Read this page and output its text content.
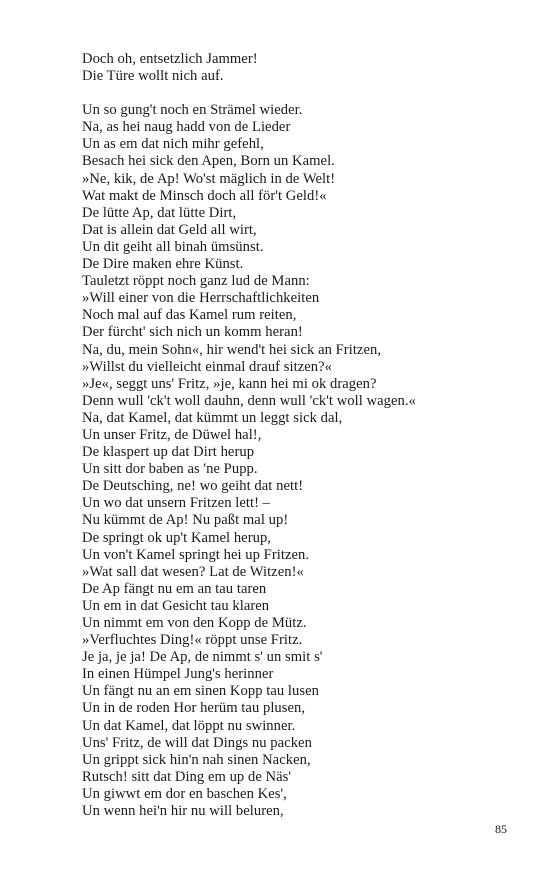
Doch oh, entsetzlich Jammer!
Die Türe wollt nich auf.
Un so gung't noch en Strämel wieder.
Na, as hei naug hadd von de Lieder
Un as em dat nich mihr gefehl,
Besach hei sick den Apen, Born un Kamel.
»Ne, kik, de Ap! Wo'st mäglich in de Welt!
Wat makt de Minsch doch all för't Geld!«
De lütte Ap, dat lütte Dirt,
Dat is allein dat Geld all wirt,
Un dit geiht all binah ümsünst.
De Dire maken ehre Künst.
Tauletzt röppt noch ganz lud de Mann:
»Will einer von die Herrschaftlichkeiten
Noch mal auf das Kamel rum reiten,
Der fürcht' sich nich un komm heran!
Na, du, mein Sohn«, hir wend't hei sick an Fritzen,
»Willst du vielleicht einmal drauf sitzen?«
»Je«, seggt uns' Fritz, »je, kann hei mi ok dragen?
Denn wull 'ck't woll dauhn, denn wull 'ck't woll wagen.«
Na, dat Kamel, dat kümmt un leggt sick dal,
Un unser Fritz, de Düwel hal!,
De klaspert up dat Dirt herup
Un sitt dor baben as 'ne Pupp.
De Deutsching, ne! wo geiht dat nett!
Un wo dat unsern Fritzen lett! –
Nu kümmt de Ap! Nu paßt mal up!
De springt ok up't Kamel herup,
Un von't Kamel springt hei up Fritzen.
»Wat sall dat wesen? Lat de Witzen!«
De Ap fängt nu em an tau taren
Un em in dat Gesicht tau klaren
Un nimmt em von den Kopp de Mütz.
»Verfluchtes Ding!« röppt unse Fritz.
Je ja, je ja! De Ap, de nimmt s' un smit s'
In einen Hümpel Jung's herinner
Un fängt nu an em sinen Kopp tau lusen
Un in de roden Hor herüm tau plusen,
Un dat Kamel, dat löppt nu swinner.
Uns' Fritz, de will dat Dings nu packen
Un grippt sick hin'n nah sinen Nacken,
Rutsch! sitt dat Ding em up de Näs'
Un giwwt em dor en baschen Kes',
Un wenn hei'n hir nu will beluren,
85
